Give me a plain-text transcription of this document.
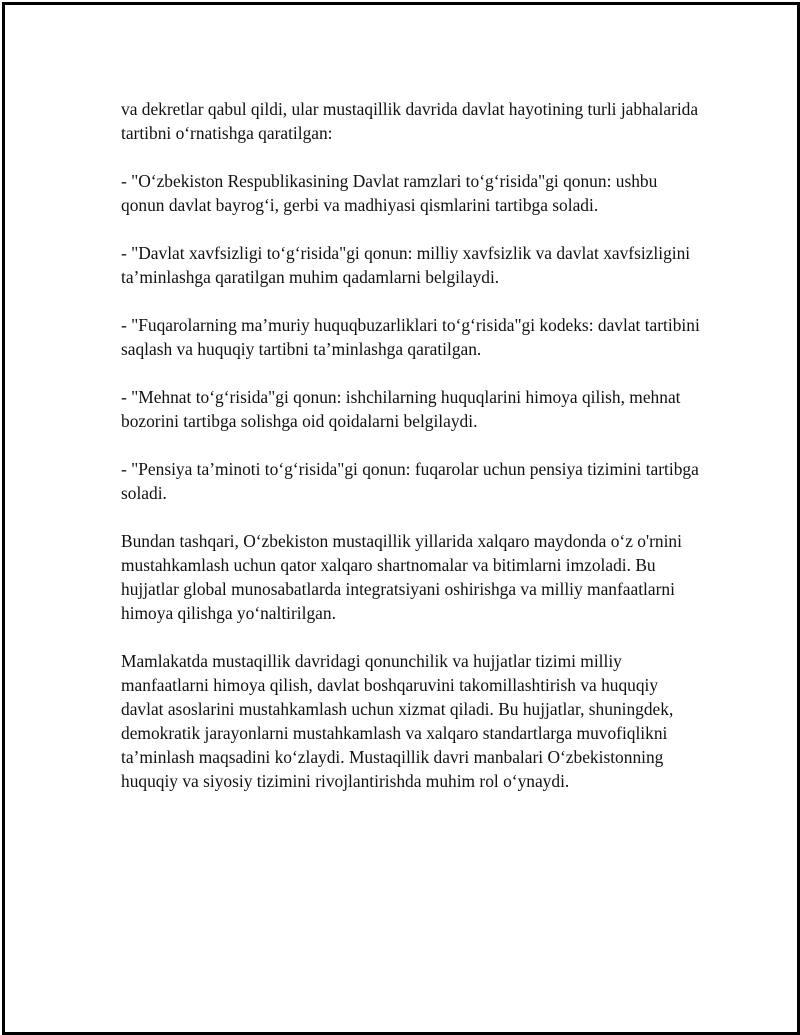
va dekretlar qabul qildi, ular mustaqillik davrida davlat hayotining turli jabhalarida tartibni o‘rnatishga qaratilgan:

- "O‘zbekiston Respublikasining Davlat ramzlari to‘g‘risida"gi qonun: ushbu qonun davlat bayrog‘i, gerbi va madhiyasi qismlarini tartibga soladi.

- "Davlat xavfsizligi to‘g‘risida"gi qonun: milliy xavfsizlik va davlat xavfsizligini ta’minlashga qaratilgan muhim qadamlarni belgilaydi.

- "Fuqarolarning ma’muriy huquqbuzarliklari to‘g‘risida"gi kodeks: davlat tartibini saqlash va huquqiy tartibni ta’minlashga qaratilgan.

- "Mehnat to‘g‘risida"gi qonun: ishchilarning huquqlarini himoya qilish, mehnat bozorini tartibga solishga oid qoidalarni belgilaydi.

- "Pensiya ta’minoti to‘g‘risida"gi qonun: fuqarolar uchun pensiya tizimini tartibga soladi.

Bundan tashqari, O‘zbekiston mustaqillik yillarida xalqaro maydonda o‘z o'rnini mustahkamlash uchun qator xalqaro shartnomalar va bitimlarni imzoladi. Bu hujjatlar global munosabatlarda integratsiyani oshirishga va milliy manfaatlarni himoya qilishga yo‘naltirilgan.

Mamlakatda mustaqillik davridagi qonunchilik va hujjatlar tizimi milliy manfaatlarni himoya qilish, davlat boshqaruvini takomillashtirish va huquqiy davlat asoslarini mustahkamlash uchun xizmat qiladi. Bu hujjatlar, shuningdek, demokratik jarayonlarni mustahkamlash va xalqaro standartlarga muvofiqlikni ta’minlash maqsadini ko‘zlaydi. Mustaqillik davri manbalari O‘zbekistonning huquqiy va siyosiy tizimini rivojlantirishda muhim rol o‘ynaydi.
